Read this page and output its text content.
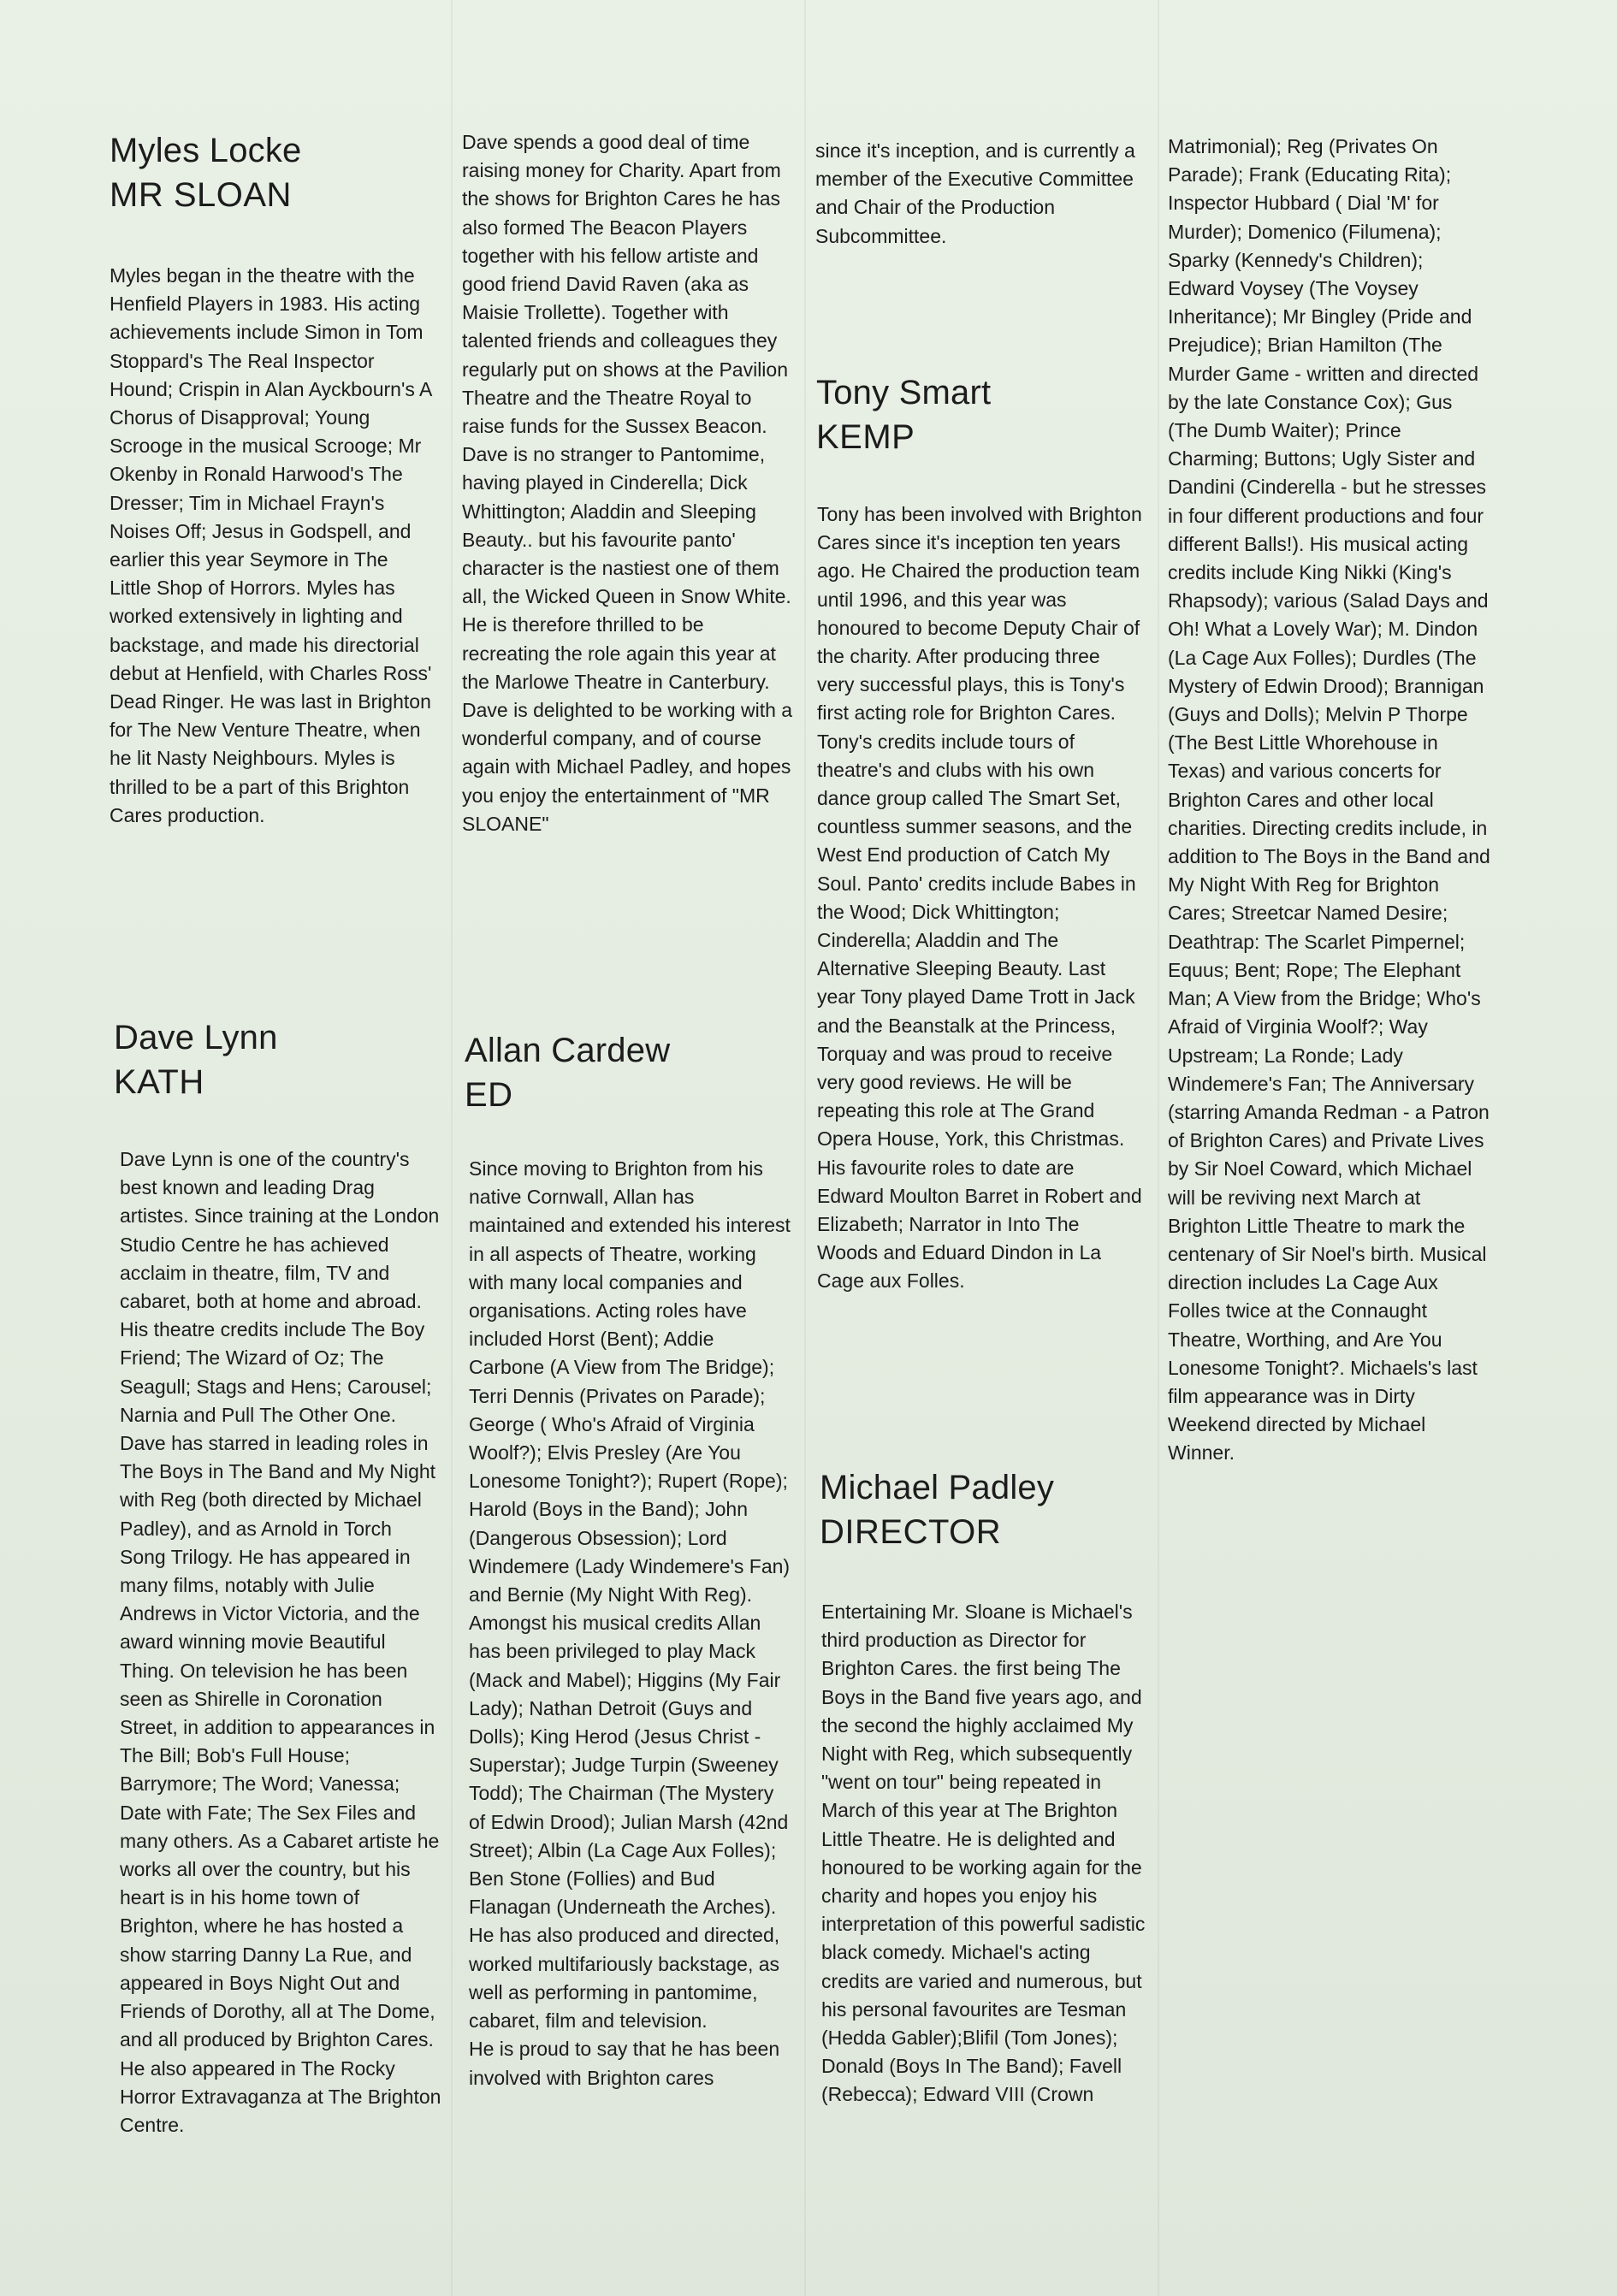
Myles Locke
MR SLOAN

Myles began in the theatre with the Henfield Players in 1983. His acting achievements include Simon in Tom Stoppard's The Real Inspector Hound; Crispin in Alan Ayckbourn's A Chorus of Disapproval; Young Scrooge in the musical Scrooge; Mr Okenby in Ronald Harwood's The Dresser; Tim in Michael Frayn's Noises Off; Jesus in Godspell, and earlier this year Seymore in The Little Shop of Horrors. Myles has worked extensively in lighting and backstage, and made his directorial debut at Henfield, with Charles Ross' Dead Ringer. He was last in Brighton for The New Venture Theatre, when he lit Nasty Neighbours. Myles is thrilled to be a part of this Brighton Cares production.

Dave Lynn
KATH

Dave Lynn is one of the country's best known and leading Drag artistes. Since training at the London Studio Centre he has achieved acclaim in theatre, film, TV and cabaret, both at home and abroad. His theatre credits include The Boy Friend; The Wizard of Oz; The Seagull; Stags and Hens; Carousel; Narnia and Pull The Other One. Dave has starred in leading roles in The Boys in The Band and My Night with Reg (both directed by Michael Padley), and as Arnold in Torch Song Trilogy. He has appeared in many films, notably with Julie Andrews in Victor Victoria, and the award winning movie Beautiful Thing. On television he has been seen as Shirelle in Coronation Street, in addition to appearances in The Bill; Bob's Full House; Barrymore; The Word; Vanessa; Date with Fate; The Sex Files and many others. As a Cabaret artiste he works all over the country, but his heart is in his home town of Brighton, where he has hosted a show starring Danny La Rue, and appeared in Boys Night Out and Friends of Dorothy, all at The Dome, and all produced by Brighton Cares. He also appeared in The Rocky Horror Extravaganza at The Brighton Centre.

Dave spends a good deal of time raising money for Charity. Apart from the shows for Brighton Cares he has also formed The Beacon Players together with his fellow artiste and good friend David Raven (aka as Maisie Trollette). Together with talented friends and colleagues they regularly put on shows at the Pavilion Theatre and the Theatre Royal to raise funds for the Sussex Beacon.

Dave is no stranger to Pantomime, having played in Cinderella; Dick Whittington; Aladdin and Sleeping Beauty.. but his favourite panto' character is the nastiest one of them all, the Wicked Queen in Snow White. He is therefore thrilled to be recreating the role again this year at the Marlowe Theatre in Canterbury.

Dave is delighted to be working with a wonderful company, and of course again with Michael Padley, and hopes you enjoy the entertainment of "MR SLOANE"

Allan Cardew
ED

Since moving to Brighton from his native Cornwall, Allan has maintained and extended his interest in all aspects of Theatre, working with many local companies and organisations. Acting roles have included Horst (Bent); Addie Carbone (A View from The Bridge); Terri Dennis (Privates on Parade); George ( Who's Afraid of Virginia Woolf?); Elvis Presley (Are You Lonesome Tonight?); Rupert (Rope); Harold (Boys in the Band); John (Dangerous Obsession); Lord Windemere (Lady Windemere's Fan) and Bernie (My Night With Reg).

Amongst his musical credits Allan has been privileged to play Mack (Mack and Mabel); Higgins (My Fair Lady); Nathan Detroit (Guys and Dolls); King Herod (Jesus Christ - Superstar); Judge Turpin (Sweeney Todd); The Chairman (The Mystery of Edwin Drood); Julian Marsh (42nd Street); Albin (La Cage Aux Folles); Ben Stone (Follies) and Bud Flanagan (Underneath the Arches).

He has also produced and directed, worked multifariously backstage, as well as performing in pantomime, cabaret, film and television.

He is proud to say that he has been involved with Brighton cares

since it's inception, and is currently a member of the Executive Committee and Chair of the Production Subcommittee.

Tony Smart
KEMP

Tony has been involved with Brighton Cares since it's inception ten years ago. He Chaired the production team until 1996, and this year was honoured to become Deputy Chair of the charity. After producing three very successful plays, this is Tony's first acting role for Brighton Cares.

Tony's credits include tours of theatre's and clubs with his own dance group called The Smart Set, countless summer seasons, and the West End production of Catch My Soul. Panto' credits include Babes in the Wood; Dick Whittington; Cinderella; Aladdin and The Alternative Sleeping Beauty. Last year Tony played Dame Trott in Jack and the Beanstalk at the Princess, Torquay and was proud to receive very good reviews. He will be repeating this role at The Grand Opera House, York, this Christmas.

His favourite roles to date are Edward Moulton Barret in Robert and Elizabeth; Narrator in Into The Woods and Eduard Dindon in La Cage aux Folles.

Michael Padley
DIRECTOR

Entertaining Mr. Sloane is Michael's third production as Director for Brighton Cares. the first being The Boys in the Band five years ago, and the second the highly acclaimed My Night with Reg, which subsequently "went on tour" being repeated in March of this year at The Brighton Little Theatre. He is delighted and honoured to be working again for the charity and hopes you enjoy his interpretation of this powerful sadistic black comedy. Michael's acting credits are varied and numerous, but his personal favourites are Tesman (Hedda Gabler);Blifil (Tom Jones); Donald (Boys In The Band); Favell (Rebecca); Edward VIII (Crown

Matrimonial); Reg (Privates On Parade); Frank (Educating Rita); Inspector Hubbard ( Dial 'M' for Murder); Domenico (Filumena); Sparky (Kennedy's Children); Edward Voysey (The Voysey Inheritance); Mr Bingley (Pride and Prejudice); Brian Hamilton (The Murder Game - written and directed by the late Constance Cox); Gus (The Dumb Waiter); Prince Charming; Buttons; Ugly Sister and Dandini (Cinderella - but he stresses in four different productions and four different Balls!). His musical acting credits include King Nikki (King's Rhapsody); various (Salad Days and Oh! What a Lovely War); M. Dindon (La Cage Aux Folles); Durdles (The Mystery of Edwin Drood); Brannigan (Guys and Dolls); Melvin P Thorpe (The Best Little Whorehouse in Texas) and various concerts for Brighton Cares and other local charities. Directing credits include, in addition to The Boys in the Band and My Night With Reg for Brighton Cares; Streetcar Named Desire; Deathtrap: The Scarlet Pimpernel; Equus; Bent; Rope; The Elephant Man; A View from the Bridge; Who's Afraid of Virginia Woolf?; Way Upstream; La Ronde; Lady Windemere's Fan; The Anniversary (starring Amanda Redman - a Patron of Brighton Cares) and Private Lives by Sir Noel Coward, which Michael will be reviving next March at Brighton Little Theatre to mark the centenary of Sir Noel's birth. Musical direction includes La Cage Aux Folles twice at the Connaught Theatre, Worthing, and Are You Lonesome Tonight?. Michaels's last film appearance was in Dirty Weekend directed by Michael Winner.
